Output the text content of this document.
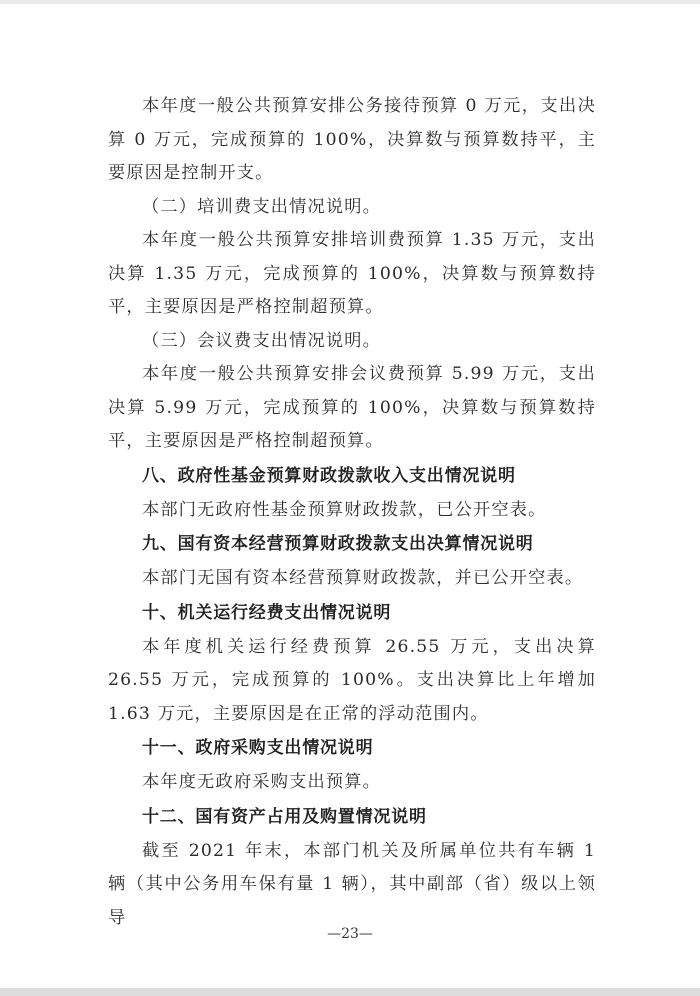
本年度一般公共预算安排公务接待预算 0 万元，支出决算 0 万元，完成预算的 100%，决算数与预算数持平，主要原因是控制开支。

（二）培训费支出情况说明。

本年度一般公共预算安排培训费预算 1.35 万元，支出决算 1.35 万元，完成预算的 100%，决算数与预算数持平，主要原因是严格控制超预算。

（三）会议费支出情况说明。

本年度一般公共预算安排会议费预算 5.99 万元，支出决算 5.99 万元，完成预算的 100%，决算数与预算数持平，主要原因是严格控制超预算。

八、政府性基金预算财政拨款收入支出情况说明

本部门无政府性基金预算财政拨款，已公开空表。

九、国有资本经营预算财政拨款支出决算情况说明

本部门无国有资本经营预算财政拨款，并已公开空表。

十、机关运行经费支出情况说明

本年度机关运行经费预算 26.55 万元，支出决算 26.55 万元，完成预算的 100%。支出决算比上年增加 1.63 万元，主要原因是在正常的浮动范围内。

十一、政府采购支出情况说明

本年度无政府采购支出预算。

十二、国有资产占用及购置情况说明

截至 2021 年末，本部门机关及所属单位共有车辆 1 辆（其中公务用车保有量 1 辆），其中副部（省）级以上领导

—23—
